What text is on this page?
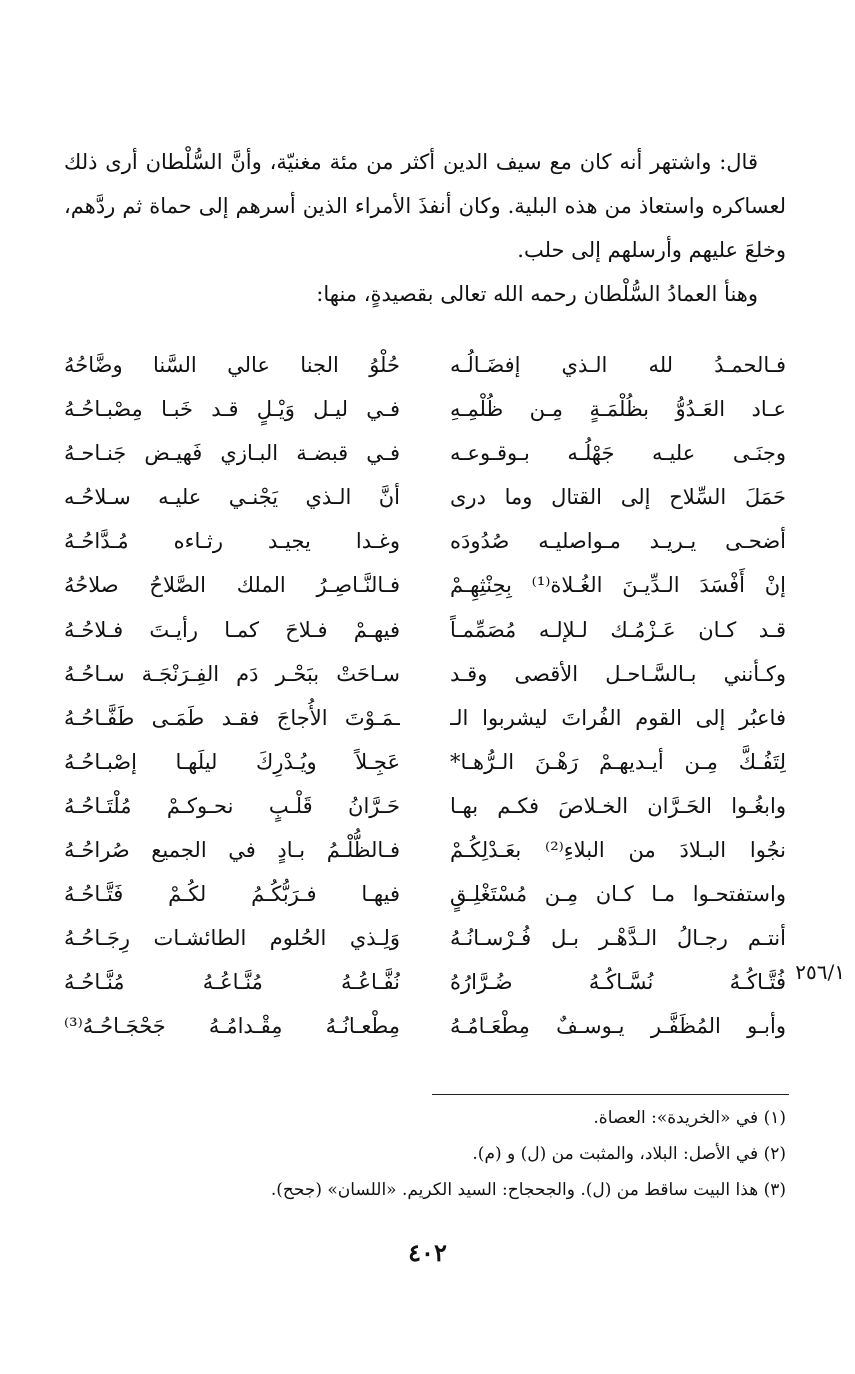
قال: واشتهر أنه كان مع سيف الدين أكثر من مئة مغنيّة، وأنَّ السُّلْطان أرى ذلك لعساكره واستعاذ من هذه البلية. وكان أنفذَ الأمراء الذين أسرهم إلى حماة ثم ردَّهم، وخلعَ عليهم وأرسلهم إلى حلب.

وهنأ العمادُ السُّلْطان رحمه الله تعالى بقصيدةٍ، منها:

فـالحمـدُ لله الـذي إفضَـالُـه
حُلْوُ الجنا عالي السَّنا وضَّاحُهُ
عـاد العَـدُوُّ بظُلْمَـةٍ مِـن ظُلْمِـهِ
فـي ليـل وَيْـلٍ قـد خَبـا مِصْبـاحُـهُ
وجنَـى عليـه جَهْلُـه بـوقـوعـه
فـي قبضـة البـازي فَهيـض جَنـاحـهُ
حَمَلَ السِّلاح إلى القتال وما درى
أنَّ الـذي يَجْنـي عليـه سـلاحُـه
أضحـى يـريـد مـواصليـه صُدُودَه
وغـدا يجيـد رثـاءه مُـدَّاحُـهُ
إنْ أَفْسَدَ الـدِّيـنَ الغُـلاة⁽¹⁾ بِحِنْثِهِـمْ
فـالنَّـاصِـرُ الملك الصَّلاحُ صلاحُهُ
قـد كـان عَـزْمُـك لـلإلـه مُصَمِّمـاً
فيهـمْ فـلاحَ كمـا رأيـتَ فـلاحُـهُ
وكـأنني بـالسَّـاحـل الأقصى وقـد
سـاحَتْ ببَحْـر دَم الفِـرَنْجَـة سـاحُـهُ
فاعبُر إلى القوم الفُراتَ ليشربوا الـ
ـمَـوْتَ الأُجاجَ فقـد طَمَـى طَفَّـاحُـهُ
لِتَفُـكَّ مِـن أيـديهـمْ رَهْـنَ الـرُّهـا*
عَجِـلاً ويُـدْرِكَ ليلَهـا إصْبـاحُـهُ
وابغُـوا الحَـرَّان الخـلاصَ فكـم بهـا
حَـرَّانُ قَلْـبٍ نحـوكـمْ مُلْتَـاحُـهُ
نجُوا البـلادَ من البلاءِ⁽²⁾ بعَـدْلِكُـمْ
فـالظُّلْـمُ بـادٍ في الجميع صُراحُـهُ
واستفتحـوا مـا كـان مِـن مُسْتَغْلِـقٍ
فيهـا فـرَبُّكُـمُ لكُـمْ فَتَّـاحُـهُ
أنتـم رجـالُ الـدَّهْـر بـل فُـرْسـانُـهُ
وَلِـذي الحُلوم الطائشـات رِجَـاحُـهُ
فُتَّـاكُـهُ نُسَّـاكُـهُ ضُـرَّارُهُ
نُفَّـاعُـهُ مُنَّـاعُـهُ مُنَّـاحُـهُ
وأبـو المُظَفَّـر يـوسـفٌ مِطْعَـامُـهُ
مِطْعـانُـهُ مِقْـدامُـهُ جَحْجَـاحُـهُ⁽³⁾
٢٥٦/١
(١) في «الخريدة»: العصاة.
(٢) في الأصل: البلاد، والمثبت من (ل) و (م).
(٣) هذا البيت ساقط من (ل). والجحجاح: السيد الكريم. «اللسان» (جحح).
٤٠٢
